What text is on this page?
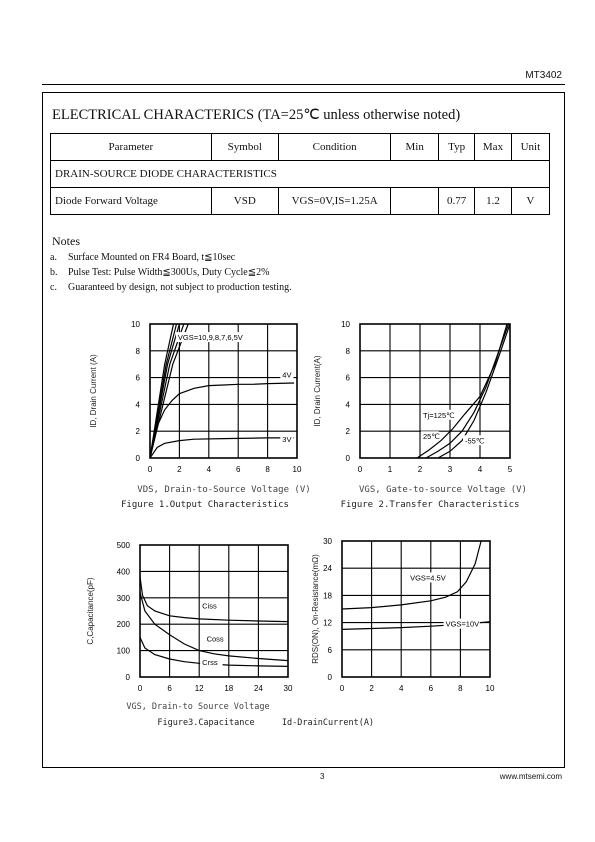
MT3402
ELECTRICAL CHARACTERICS (TA=25℃ unless otherwise noted)
Parameter	Symbol	Condition	Min	Typ	Max	Unit
DRAIN-SOURCE DIODE CHARACTERISTICS						
Diode Forward Voltage	VSD	VGS=0V,IS=1.25A		0.77	1.2	V
Notes
a. Surface Mounted on FR4 Board, t≦10sec
b. Pulse Test: Pulse Width≦300Us, Duty Cycle≦2%
c. Guaranteed by design, not subject to production testing.
0	2	4	6	8	10
0
2
4
6
8
10
ID, Drain Current (A)
VGS=10,9,8,7,6,5V
4V
3V
0	1	2	3	4	5
0
2
4
6
8
10
ID, Drain Current(A)	Tj=125℃
25℃	-55℃
0	6	12	18	24	30
0
100
200
300
400
500
C,Capacitance(pF)	Ciss
Coss
Crss
0	2	4	6	8	10
0
6
12
18
24
30
RDS(ON), On-Resistance(mΩ)	VGS=4.5V
VGS=10V
VDS, Drain-to-Source Voltage (V)
Figure 1.Output Characteristics
VGS, Gate-to-source Voltage (V)
Figure 2.Transfer Characteristics
VGS, Drain-to Source Voltage
Figure3.Capacitance	Id-DrainCurrent(A)
3	www.mtsemi.com
